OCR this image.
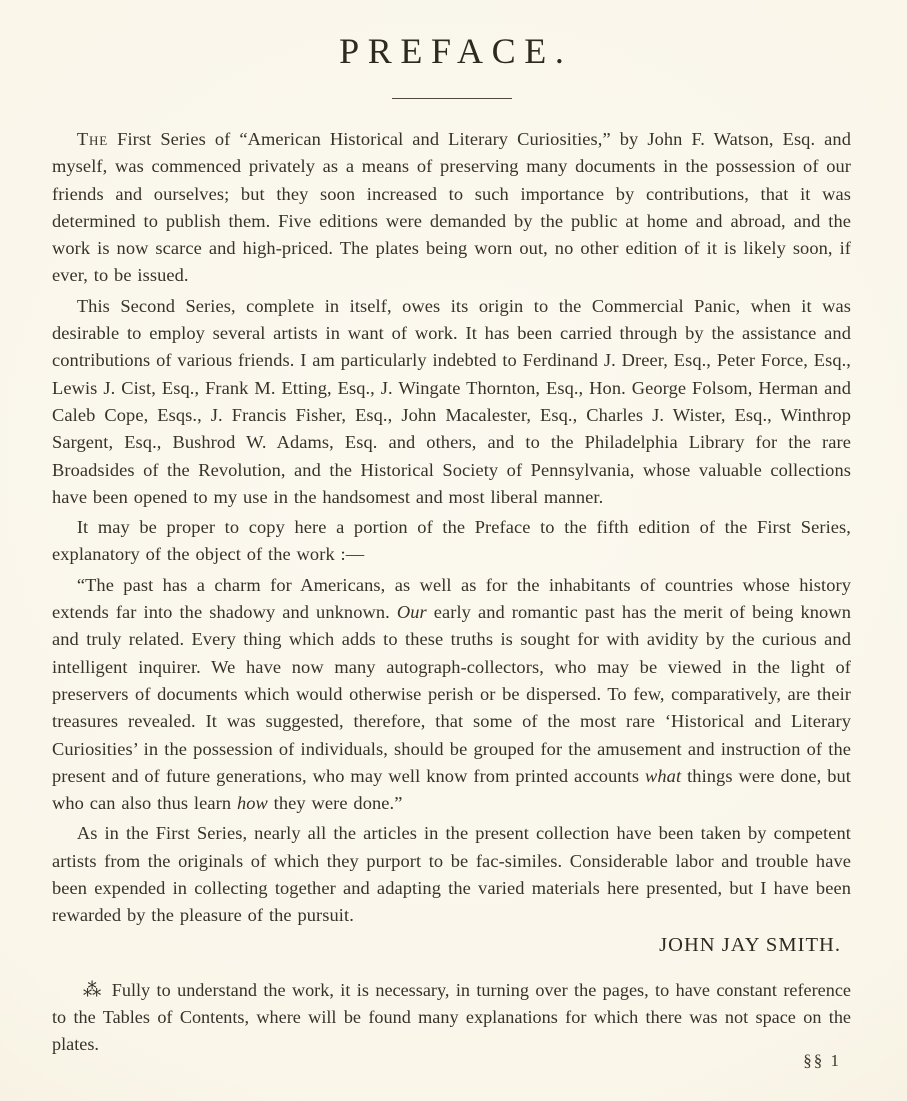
PREFACE.

The First Series of “American Historical and Literary Curiosities,” by John F. Watson, Esq. and myself, was commenced privately as a means of preserving many documents in the possession of our friends and ourselves; but they soon increased to such importance by contributions, that it was determined to publish them. Five editions were demanded by the public at home and abroad, and the work is now scarce and high-priced. The plates being worn out, no other edition of it is likely soon, if ever, to be issued.

This Second Series, complete in itself, owes its origin to the Commercial Panic, when it was desirable to employ several artists in want of work. It has been carried through by the assistance and contributions of various friends. I am particularly indebted to Ferdinand J. Dreer, Esq., Peter Force, Esq., Lewis J. Cist, Esq., Frank M. Etting, Esq., J. Wingate Thornton, Esq., Hon. George Folsom, Herman and Caleb Cope, Esqs., J. Francis Fisher, Esq., John Macalester, Esq., Charles J. Wister, Esq., Winthrop Sargent, Esq., Bushrod W. Adams, Esq. and others, and to the Philadelphia Library for the rare Broadsides of the Revolution, and the Historical Society of Pennsylvania, whose valuable collections have been opened to my use in the handsomest and most liberal manner.

It may be proper to copy here a portion of the Preface to the fifth edition of the First Series, explanatory of the object of the work :—

“The past has a charm for Americans, as well as for the inhabitants of countries whose history extends far into the shadowy and unknown. Our early and romantic past has the merit of being known and truly related. Every thing which adds to these truths is sought for with avidity by the curious and intelligent inquirer. We have now many autograph-collectors, who may be viewed in the light of preservers of documents which would otherwise perish or be dispersed. To few, comparatively, are their treasures revealed. It was suggested, therefore, that some of the most rare ‘Historical and Literary Curiosities’ in the possession of individuals, should be grouped for the amusement and instruction of the present and of future generations, who may well know from printed accounts what things were done, but who can also thus learn how they were done.”

As in the First Series, nearly all the articles in the present collection have been taken by competent artists from the originals of which they purport to be fac-similes. Considerable labor and trouble have been expended in collecting together and adapting the varied materials here presented, but I have been rewarded by the pleasure of the pursuit.

JOHN JAY SMITH.

⁂ Fully to understand the work, it is necessary, in turning over the pages, to have constant reference to the Tables of Contents, where will be found many explanations for which there was not space on the plates.

§§ 1
